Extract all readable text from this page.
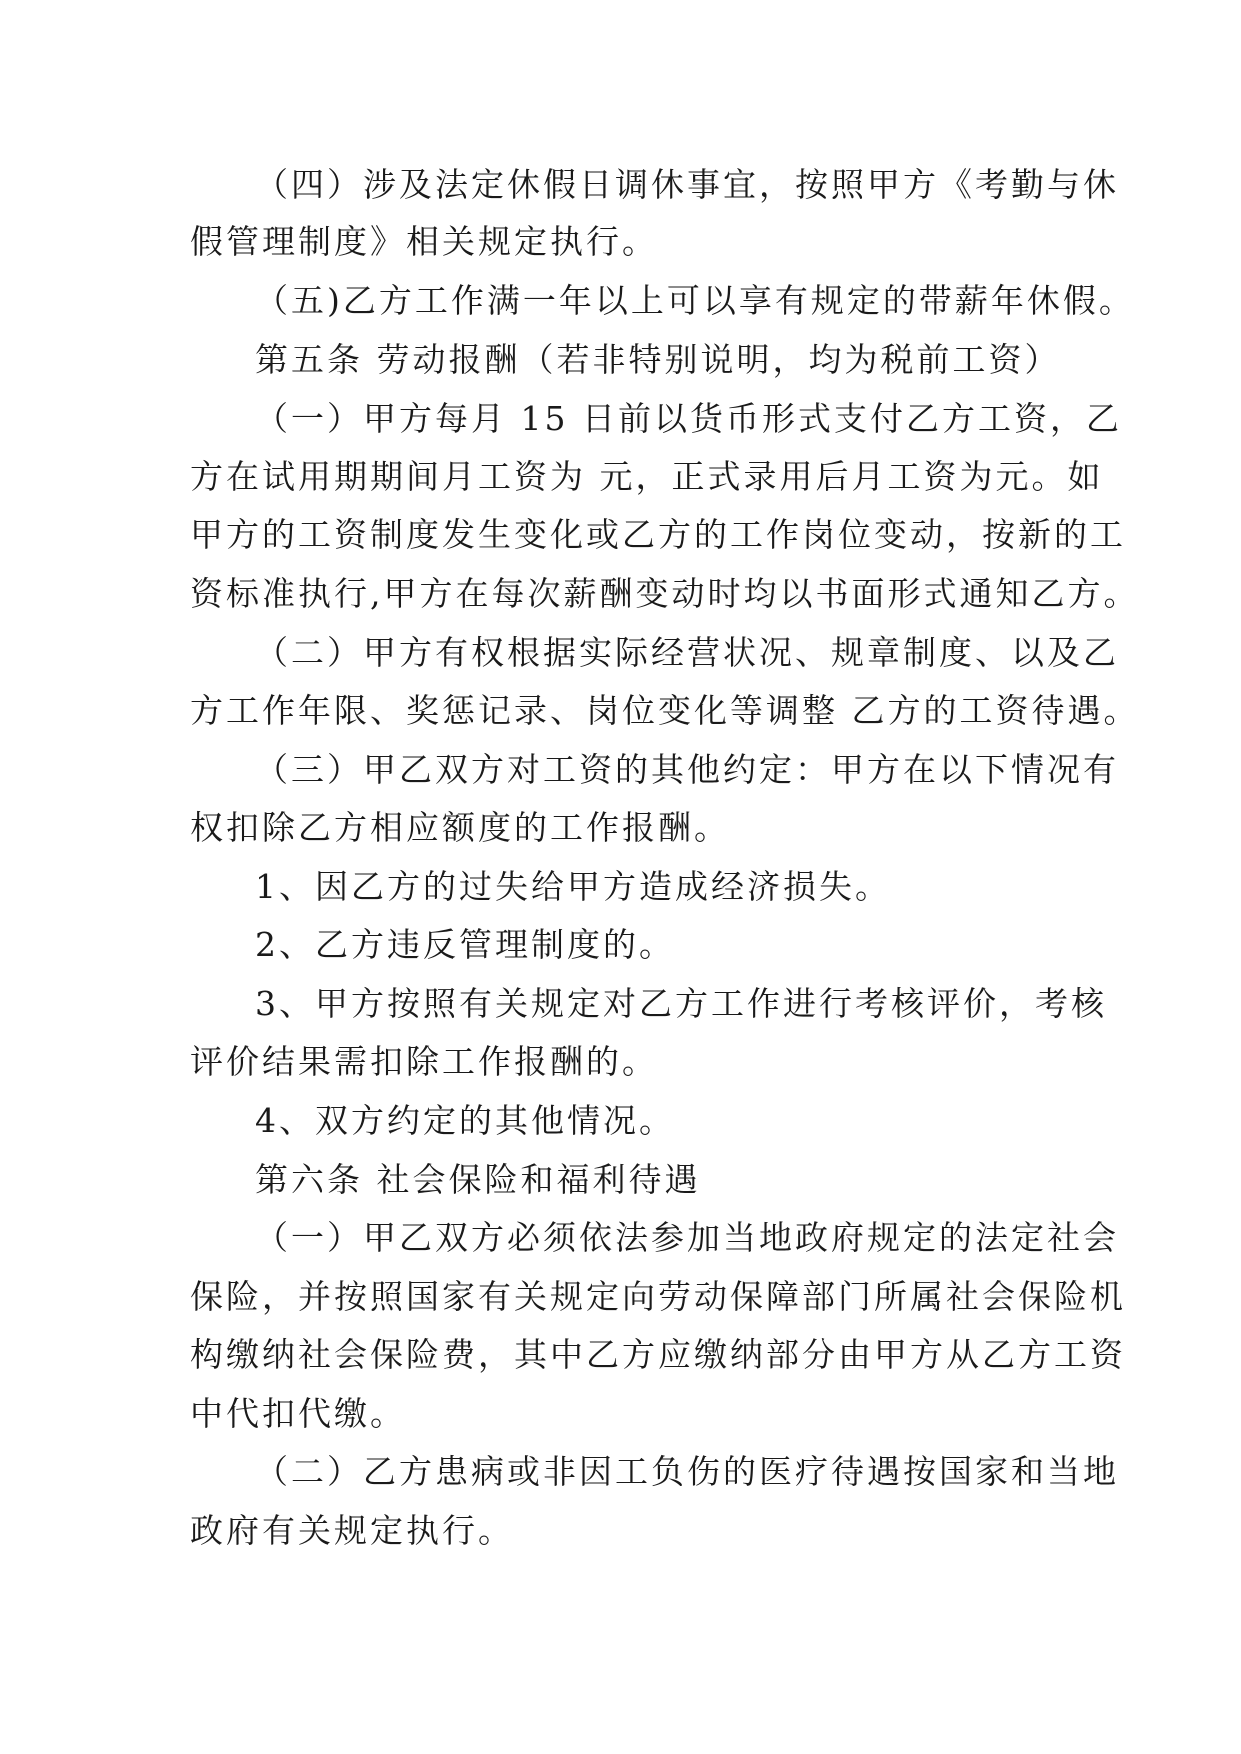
（四）涉及法定休假日调休事宜，按照甲方《考勤与休
假管理制度》相关规定执行。
（五)乙方工作满一年以上可以享有规定的带薪年休假。
第五条 劳动报酬（若非特别说明，均为税前工资）
（一）甲方每月 15 日前以货币形式支付乙方工资，乙
方在试用期期间月工资为 元，正式录用后月工资为元。如
甲方的工资制度发生变化或乙方的工作岗位变动，按新的工
资标准执行,甲方在每次薪酬变动时均以书面形式通知乙方。
（二）甲方有权根据实际经营状况、规章制度、以及乙
方工作年限、奖惩记录、岗位变化等调整 乙方的工资待遇。
（三）甲乙双方对工资的其他约定：甲方在以下情况有
权扣除乙方相应额度的工作报酬。
1、因乙方的过失给甲方造成经济损失。
2、乙方违反管理制度的。
3、甲方按照有关规定对乙方工作进行考核评价，考核
评价结果需扣除工作报酬的。
4、双方约定的其他情况。
第六条 社会保险和福利待遇
（一）甲乙双方必须依法参加当地政府规定的法定社会
保险，并按照国家有关规定向劳动保障部门所属社会保险机
构缴纳社会保险费，其中乙方应缴纳部分由甲方从乙方工资
中代扣代缴。
（二）乙方患病或非因工负伤的医疗待遇按国家和当地
政府有关规定执行。
